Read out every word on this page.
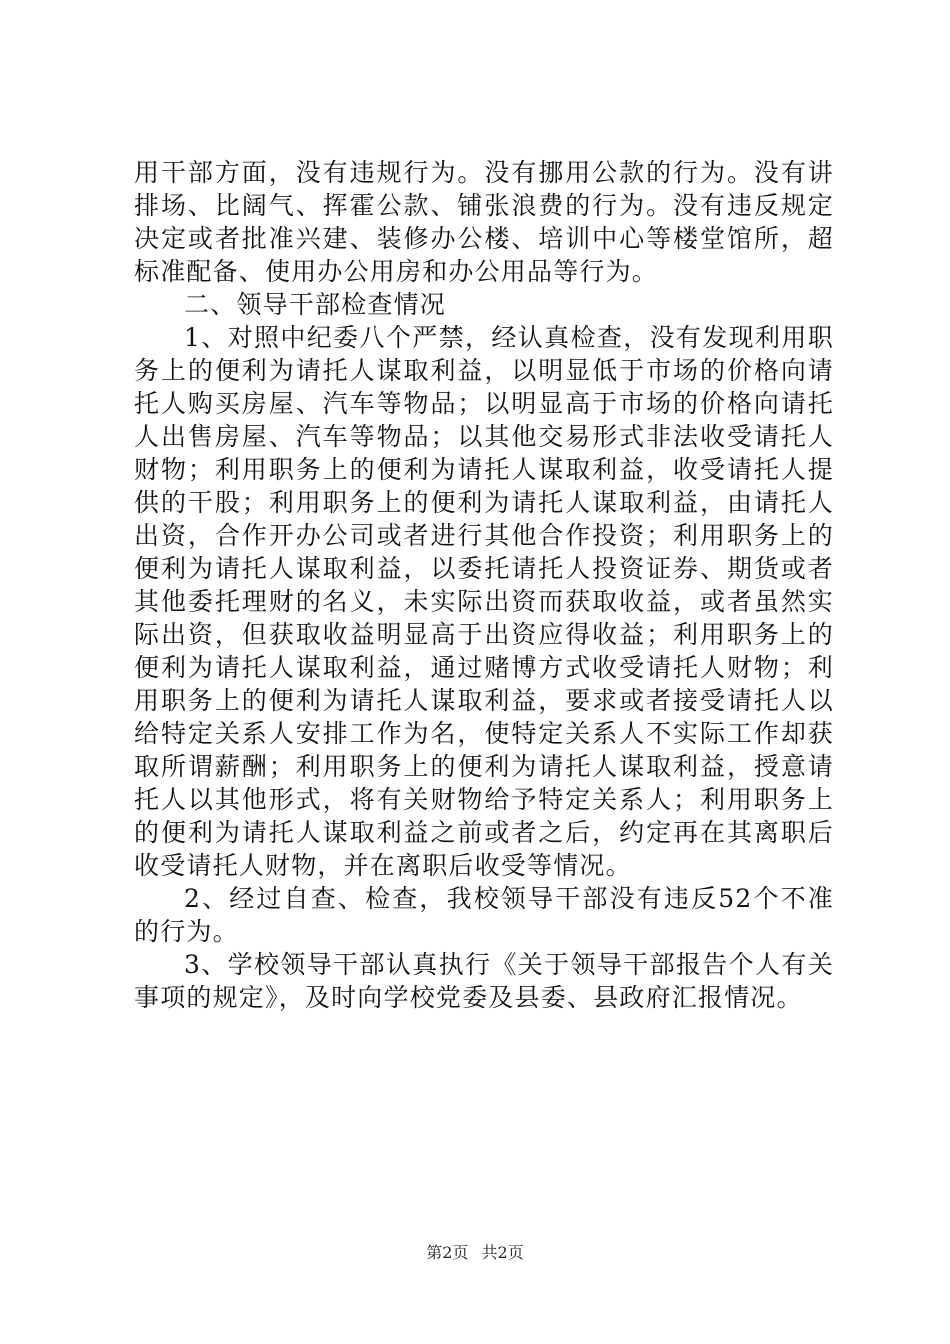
用干部方面，没有违规行为。没有挪用公款的行为。没有讲排场、比阔气、挥霍公款、铺张浪费的行为。没有违反规定决定或者批准兴建、装修办公楼、培训中心等楼堂馆所，超标准配备、使用办公用房和办公用品等行为。

二、领导干部检查情况

1、对照中纪委八个严禁，经认真检查，没有发现利用职务上的便利为请托人谋取利益，以明显低于市场的价格向请托人购买房屋、汽车等物品；以明显高于市场的价格向请托人出售房屋、汽车等物品；以其他交易形式非法收受请托人财物；利用职务上的便利为请托人谋取利益，收受请托人提供的干股；利用职务上的便利为请托人谋取利益，由请托人出资，合作开办公司或者进行其他合作投资；利用职务上的便利为请托人谋取利益，以委托请托人投资证券、期货或者其他委托理财的名义，未实际出资而获取收益，或者虽然实际出资，但获取收益明显高于出资应得收益；利用职务上的便利为请托人谋取利益，通过赌博方式收受请托人财物；利用职务上的便利为请托人谋取利益，要求或者接受请托人以给特定关系人安排工作为名，使特定关系人不实际工作却获取所谓薪酬；利用职务上的便利为请托人谋取利益，授意请托人以其他形式，将有关财物给予特定关系人；利用职务上的便利为请托人谋取利益之前或者之后，约定再在其离职后收受请托人财物，并在离职后收受等情况。

2、经过自查、检查，我校领导干部没有违反52个不准的行为。

3、学校领导干部认真执行《关于领导干部报告个人有关事项的规定》，及时向学校党委及县委、县政府汇报情况。

第2页 共2页
